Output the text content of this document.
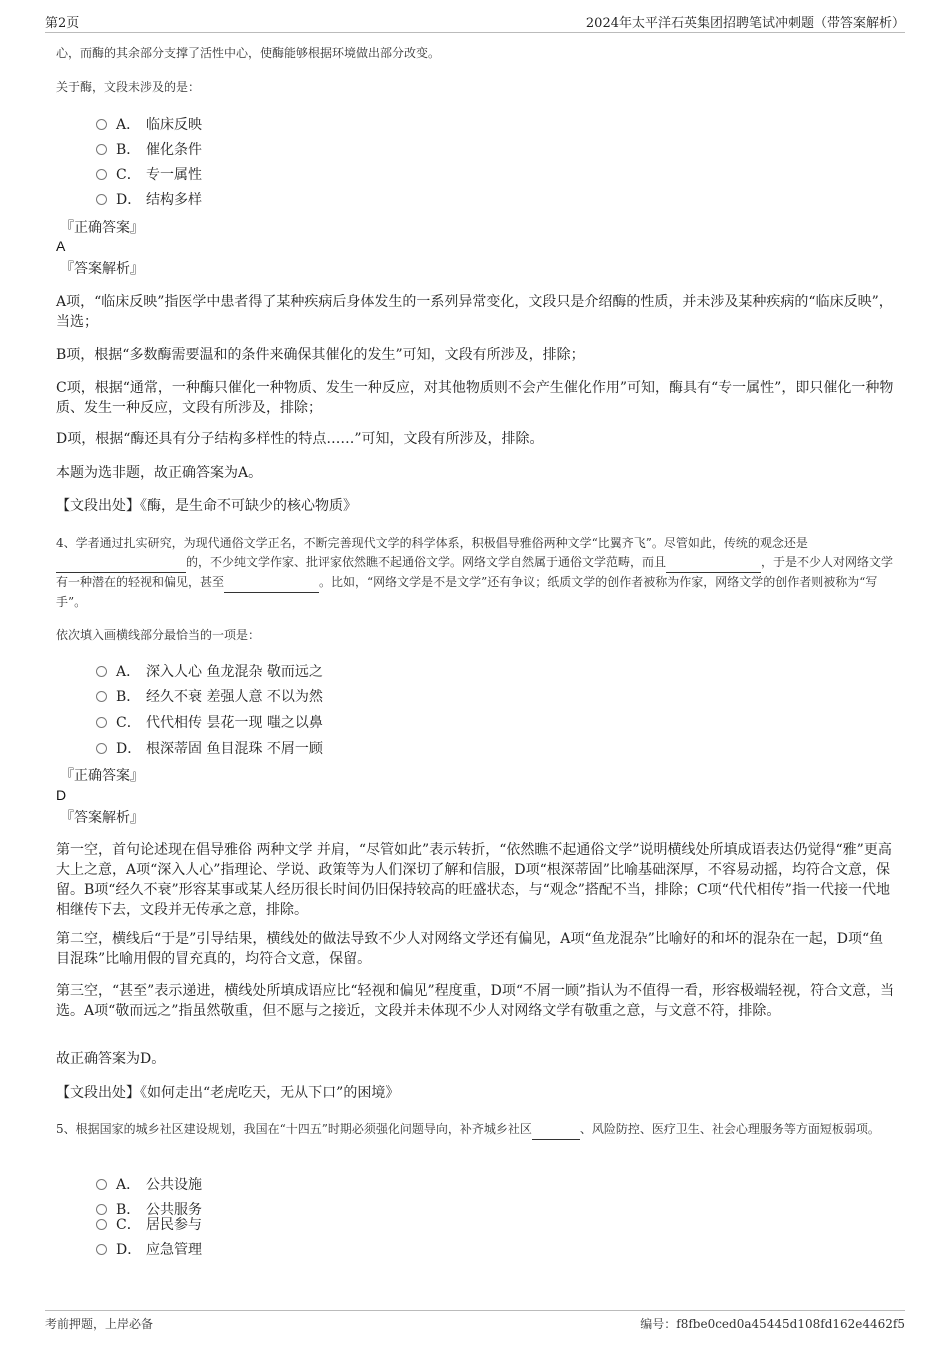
第2页	2024年太平洋石英集团招聘笔试冲刺题（带答案解析）

心，而酶的其余部分支撑了活性中心，使酶能够根据环境做出部分改变。

关于酶，文段未涉及的是：

A． 临床反映
B． 催化条件
C． 专一属性
D． 结构多样
『正确答案』
A
『答案解析』

A项，“临床反映”指医学中患者得了某种疾病后身体发生的一系列异常变化，文段只是介绍酶的性质，并未涉及某种疾病的“临床反映”，当选；

B项，根据“多数酶需要温和的条件来确保其催化的发生”可知，文段有所涉及，排除；

C项，根据“通常，一种酶只催化一种物质、发生一种反应，对其他物质则不会产生催化作用”可知，酶具有“专一属性”，即只催化一种物质、发生一种反应，文段有所涉及，排除；

D项，根据“酶还具有分子结构多样性的特点……”可知，文段有所涉及，排除。

本题为选非题，故正确答案为A。

【文段出处】《酶，是生命不可缺少的核心物质》

4、学者通过扎实研究，为现代通俗文学正名，不断完善现代文学的科学体系，积极倡导雅俗两种文学“比翼齐飞”。尽管如此，传统的观念还是 的，不少纯文学作家、批评家依然瞧不起通俗文学。网络文学自然属于通俗文学范畴，而且	，于是不少人对网络文学有一种潜在的轻视和偏见，甚至	。比如，“网络文学是不是文学”还有争议；纸质文学的创作者被称为作家，网络文学的创作者则被称为“写手”。

依次填入画横线部分最恰当的一项是：

A． 深入人心 鱼龙混杂 敬而远之
B． 经久不衰 差强人意 不以为然
C． 代代相传 昙花一现 嗤之以鼻
D． 根深蒂固 鱼目混珠 不屑一顾
『正确答案』
D
『答案解析』

第一空，首句论述现在倡导雅俗 两种文学 并肩，“尽管如此”表示转折，“依然瞧不起通俗文学”说明横线处所填成语表达仍觉得“雅”更高大上之意，A项“深入人心”指理论、学说、政策等为人们深切了解和信服，D项“根深蒂固”比喻基础深厚，不容易动摇，均符合文意，保留。B项“经久不衰”形容某事或某人经历很长时间仍旧保持较高的旺盛状态，与“观念”搭配不当，排除；C项“代代相传”指一代接一代地相继传下去，文段并无传承之意，排除。

第二空，横线后“于是”引导结果，横线处的做法导致不少人对网络文学还有偏见，A项“鱼龙混杂”比喻好的和坏的混杂在一起，D项“鱼目混珠”比喻用假的冒充真的，均符合文意，保留。

第三空，“甚至”表示递进，横线处所填成语应比“轻视和偏见”程度重，D项“不屑一顾”指认为不值得一看，形容极端轻视，符合文意，当选。A项“敬而远之”指虽然敬重，但不愿与之接近，文段并未体现不少人对网络文学有敬重之意，与文意不符，排除。

故正确答案为D。

【文段出处】《如何走出“老虎吃天，无从下口”的困境》

5、根据国家的城乡社区建设规划，我国在“十四五”时期必须强化问题导向，补齐城乡社区	、风险防控、医疗卫生、社会心理服务等方面短板弱项。

A． 公共设施
B． 公共服务
C． 居民参与
D． 应急管理
考前押题，上岸必备	编号：f8fbe0ced0a45445d108fd162e4462f5
